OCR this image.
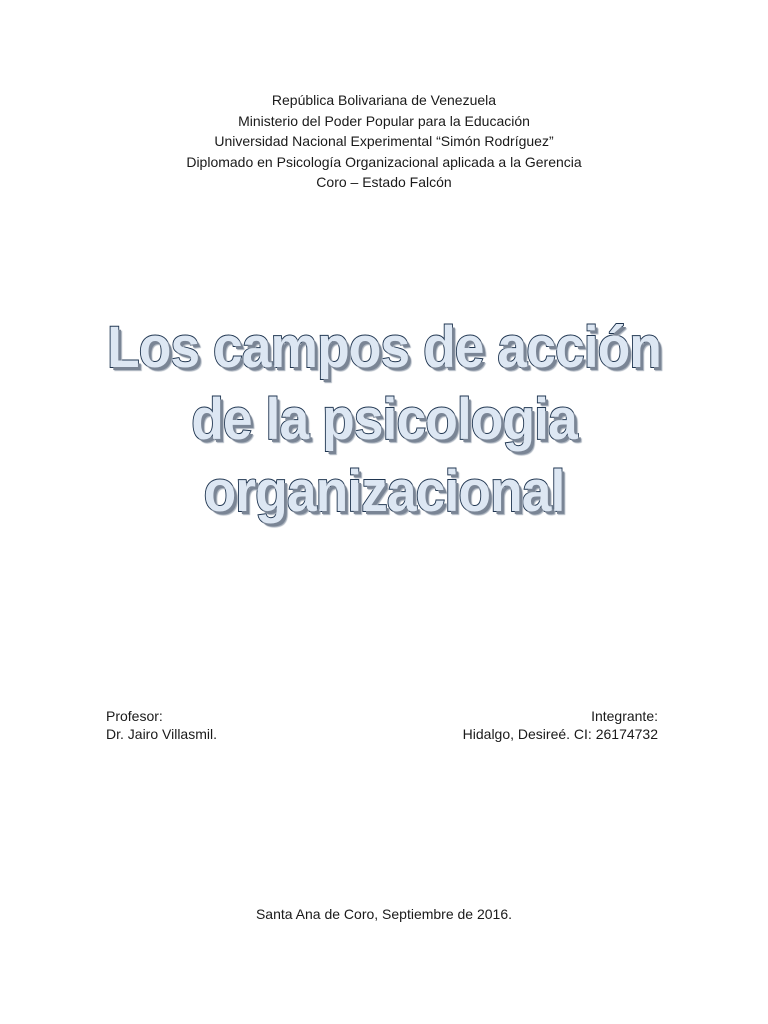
República Bolivariana de Venezuela
Ministerio del Poder Popular para la Educación
Universidad Nacional Experimental “Simón Rodríguez”
Diplomado en Psicología Organizacional aplicada a la Gerencia
Coro – Estado Falcón
Los campos de acción
de la psicologia
organizacional
Profesor:
Dr. Jairo Villasmil.
Integrante:
Hidalgo, Desireé. CI: 26174732
Santa Ana de Coro, Septiembre de 2016.
